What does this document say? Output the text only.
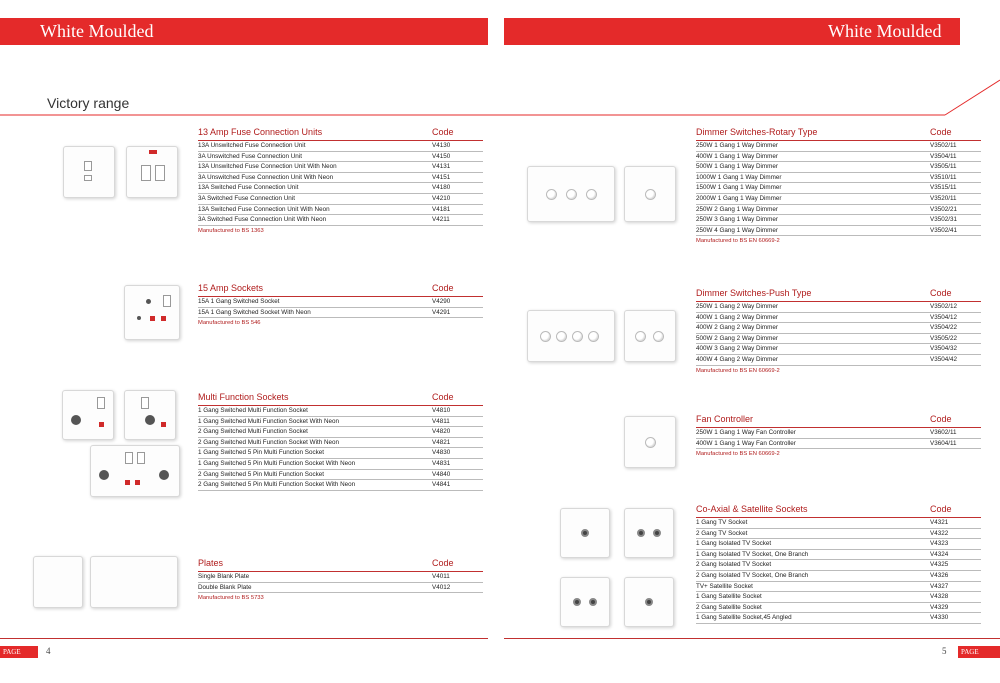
White Moulded	White Moulded
Victory range
13 Amp Fuse Connection Units	Code
13A Unswitched Fuse Connection Unit	V4130
3A Unswitched Fuse Connection Unit	V4150
13A Unswitched Fuse Connection Unit With Neon	V4131
3A Unswitched Fuse Connection Unit With Neon	V4151
13A Switched Fuse Connection Unit	V4180
3A Switched Fuse Connection Unit	V4210
13A Switched Fuse Connection Unit With Neon	V4181
3A Switched Fuse Connection Unit With Neon	V4211
Manufactured to BS 1363
15 Amp Sockets	Code
15A 1 Gang Switched Socket	V4290
15A 1 Gang Switched Socket With Neon	V4291
Manufactured to BS 546
Multi Function Sockets	Code
1 Gang Switched Multi Function Socket	V4810
1 Gang Switched Multi Function Socket With Neon	V4811
2 Gang Switched Multi Function Socket	V4820
2 Gang Switched Multi Function Socket With Neon	V4821
1 Gang Switched 5 Pin Multi Function Socket	V4830
1 Gang Switched 5 Pin Multi Function Socket With Neon	V4831
2 Gang Switched 5 Pin Multi Function Socket	V4840
2 Gang Switched 5 Pin Multi Function Socket With Neon	V4841
Plates	Code
Single Blank Plate	V4011
Double Blank Plate	V4012
Manufactured to BS 5733
Dimmer Switches-Rotary Type	Code
250W 1 Gang 1 Way Dimmer	V3502/11
400W 1 Gang 1 Way Dimmer	V3504/11
500W 1 Gang 1 Way Dimmer	V3505/11
1000W 1 Gang 1 Way Dimmer	V3510/11
1500W 1 Gang 1 Way Dimmer	V3515/11
2000W 1 Gang 1 Way Dimmer	V3520/11
250W 2 Gang 1 Way Dimmer	V3502/21
250W 3 Gang 1 Way Dimmer	V3502/31
250W 4 Gang 1 Way Dimmer	V3502/41
Manufactured to BS EN 60669-2
Dimmer Switches-Push Type	Code
250W 1 Gang 2 Way Dimmer	V3502/12
400W 1 Gang 2 Way Dimmer	V3504/12
400W 2 Gang 2 Way Dimmer	V3504/22
500W 2 Gang 2 Way Dimmer	V3505/22
400W 3 Gang 2 Way Dimmer	V3504/32
400W 4 Gang 2 Way Dimmer	V3504/42
Manufactured to BS EN 60669-2
Fan Controller	Code
250W 1 Gang 1 Way Fan Controller	V3602/11
400W 1 Gang 1 Way Fan Controller	V3604/11
Manufactured to BS EN 60669-2
Co-Axial & Satellite Sockets	Code
1 Gang TV Socket	V4321
2 Gang TV Socket	V4322
1 Gang Isolated TV Socket	V4323
1 Gang Isolated TV Socket, One Branch	V4324
2 Gang Isolated TV Socket	V4325
2 Gang Isolated TV Socket, One Branch	V4326
TV+ Satellite Socket	V4327
1 Gang Satellite Socket	V4328
2 Gang Satellite Socket	V4329
1 Gang Satellite Socket,45 Angled	V4330
PAGE	4	5	PAGE
